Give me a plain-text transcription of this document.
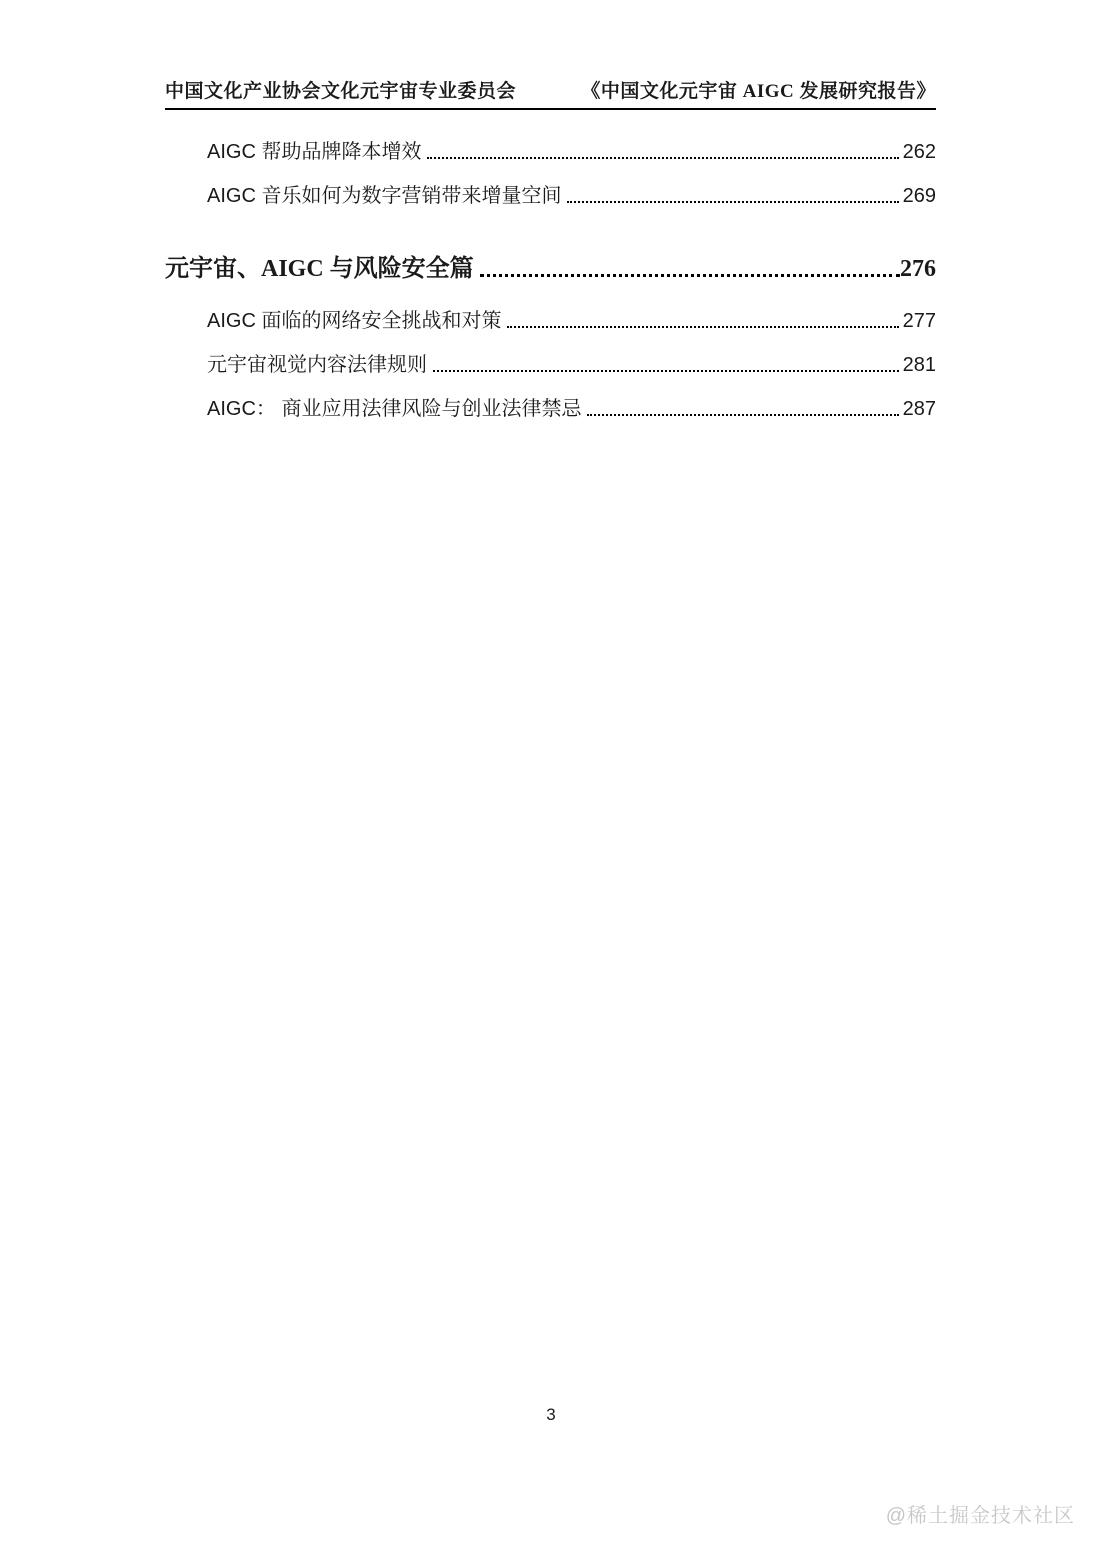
中国文化产业协会文化元宇宙专业委员会	《中国文化元宇宙 AIGC 发展研究报告》
AIGC 帮助品牌降本增效	262
AIGC 音乐如何为数字营销带来增量空间	269
元宇宙、AIGC 与风险安全篇	276
AIGC 面临的网络安全挑战和对策	277
元宇宙视觉内容法律规则	281
AIGC： 商业应用法律风险与创业法律禁忌	287
3
@稀土掘金技术社区
